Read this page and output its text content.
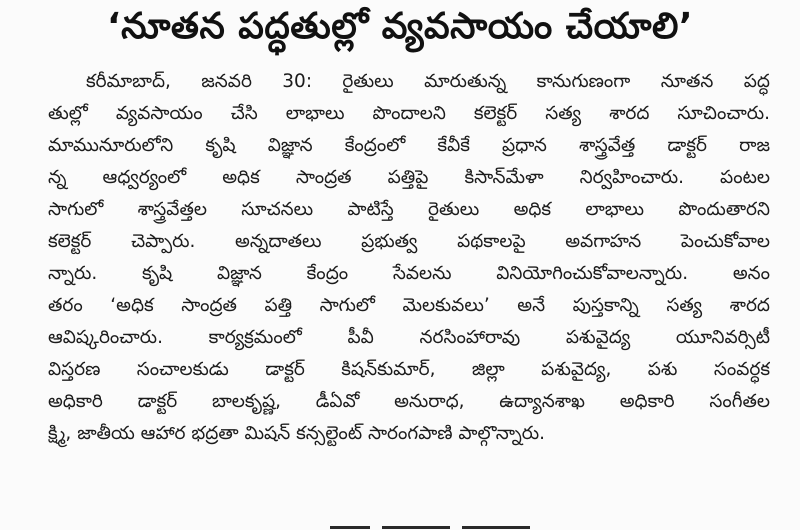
‘నూతన పద్ధతుల్లో వ్యవసాయం చేయాలి’
కరీమాబాద్, జనవరి 30: రైతులు మారుతున్న కానుగుణంగా నూతన పద్ధ
తుల్లో వ్యవసాయం చేసి లాభాలు పొందాలని కలెక్టర్ సత్య శారద సూచించారు.
మామునూరులోని కృషి విజ్ఞాన కేంద్రంలో కేవీకే ప్రధాన శాస్త్రవేత్త డాక్టర్ రాజ
న్న ఆధ్వర్యంలో అధిక సాంద్రత పత్తిపై కిసాన్‌మేళా నిర్వహించారు. పంటల
సాగులో శాస్త్రవేత్తల సూచనలు పాటిస్తే రైతులు అధిక లాభాలు పొందుతారని
కలెక్టర్ చెప్పారు. అన్నదాతలు ప్రభుత్వ పథకాలపై అవగాహన పెంచుకోవాల
న్నారు. కృషి విజ్ఞాన కేంద్రం సేవలను వినియోగించుకోవాలన్నారు. అనం
తరం ‘అధిక సాంద్రత పత్తి సాగులో మెలకువలు’ అనే పుస్తకాన్ని సత్య శారద
ఆవిష్కరించారు. కార్యక్రమంలో పీవీ నరసింహారావు పశువైద్య యూనివర్సిటీ
విస్తరణ సంచాలకుడు డాక్టర్ కిషన్‌కుమార్, జిల్లా పశువైద్య, పశు సంవర్ధక
అధికారి డాక్టర్ బాలకృష్ణ, డీఏవో అనురాధ, ఉద్యానశాఖ అధికారి సంగీతల
క్ష్మి, జాతీయ ఆహార భద్రతా మిషన్ కన్సల్టెంట్ సారంగపాణి పాల్గొన్నారు.
